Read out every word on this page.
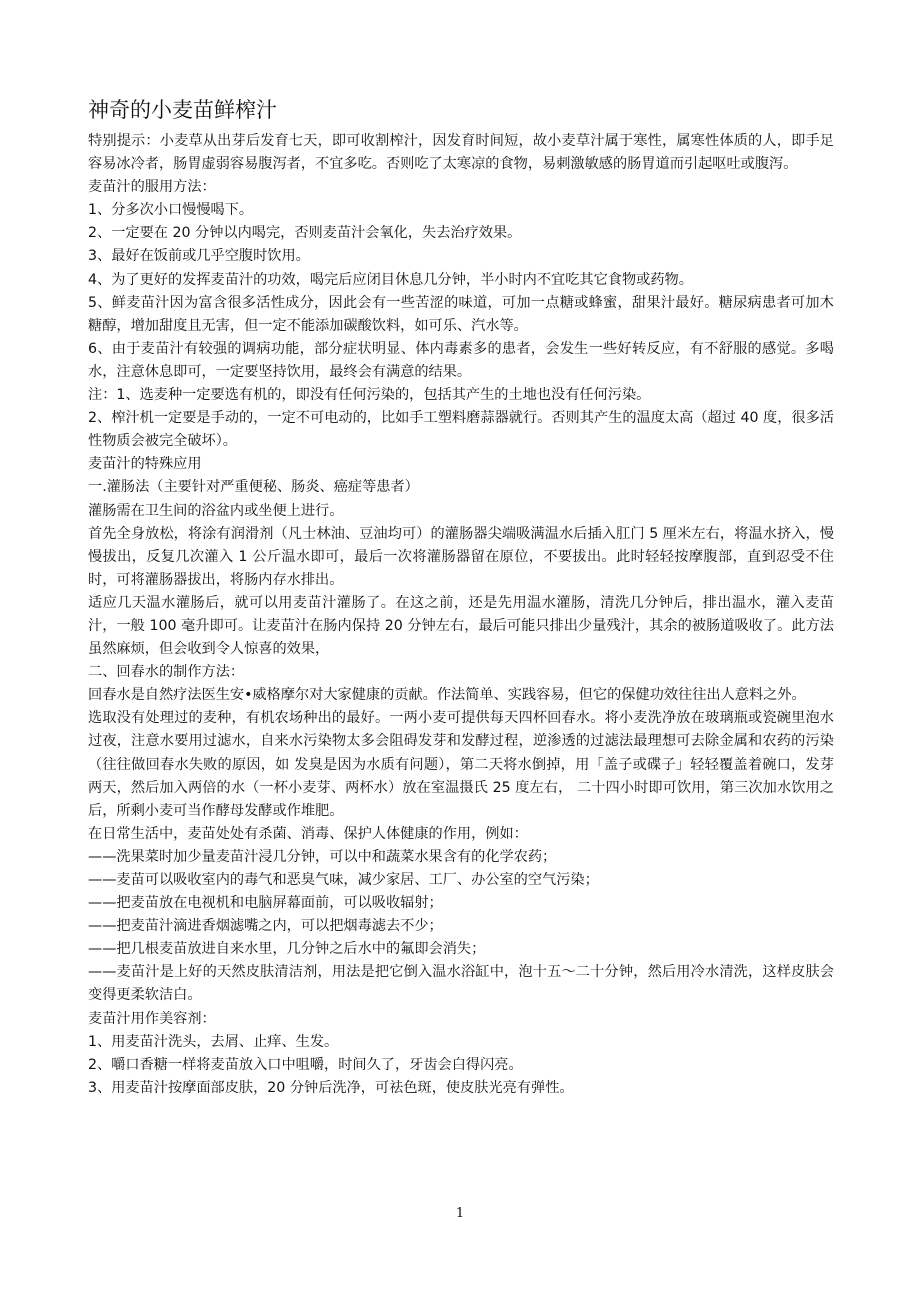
神奇的小麦苗鲜榨汁

特别提示：小麦草从出芽后发育七天，即可收割榨汁，因发育时间短，故小麦草汁属于寒性，属寒性体质的人，即手足容易冰冷者，肠胃虚弱容易腹泻者，不宜多吃。否则吃了太寒凉的食物，易刺激敏感的肠胃道而引起呕吐或腹泻。

麦苗汁的服用方法：

1、分多次小口慢慢喝下。

2、一定要在 20 分钟以内喝完，否则麦苗汁会氧化，失去治疗效果。

3、最好在饭前或几乎空腹时饮用。

4、为了更好的发挥麦苗汁的功效，喝完后应闭目休息几分钟，半小时内不宜吃其它食物或药物。

5、鲜麦苗汁因为富含很多活性成分，因此会有一些苦涩的味道，可加一点糖或蜂蜜，甜果汁最好。糖尿病患者可加木糖醇，增加甜度且无害，但一定不能添加碳酸饮料，如可乐、汽水等。

6、由于麦苗汁有较强的调病功能，部分症状明显、体内毒素多的患者，会发生一些好转反应，有不舒服的感觉。多喝水，注意休息即可，一定要坚持饮用，最终会有满意的结果。

注：1、选麦种一定要选有机的，即没有任何污染的，包括其产生的土地也没有任何污染。

2、榨汁机一定要是手动的，一定不可电动的，比如手工塑料磨蒜器就行。否则其产生的温度太高（超过 40 度，很多活性物质会被完全破坏）。

麦苗汁的特殊应用

一.灌肠法（主要针对严重便秘、肠炎、癌症等患者）

灌肠需在卫生间的浴盆内或坐便上进行。

首先全身放松，将涂有润滑剂（凡士林油、豆油均可）的灌肠器尖端吸满温水后插入肛门 5 厘米左右，将温水挤入，慢慢拔出，反复几次灌入 1 公斤温水即可，最后一次将灌肠器留在原位，不要拔出。此时轻轻按摩腹部，直到忍受不住时，可将灌肠器拔出，将肠内存水排出。

适应几天温水灌肠后，就可以用麦苗汁灌肠了。在这之前，还是先用温水灌肠，清洗几分钟后，排出温水，灌入麦苗汁，一般 100 毫升即可。让麦苗汁在肠内保持 20 分钟左右，最后可能只排出少量残汁，其余的被肠道吸收了。此方法虽然麻烦，但会收到令人惊喜的效果，

二、回春水的制作方法：

回春水是自然疗法医生安•威格摩尔对大家健康的贡献。作法简单、实践容易，但它的保健功效往往出人意料之外。

选取没有处理过的麦种，有机农场种出的最好。一两小麦可提供每天四杯回春水。将小麦洗净放在玻璃瓶或瓷碗里泡水过夜，注意水要用过滤水，自来水污染物太多会阻碍发芽和发酵过程，逆渗透的过滤法最理想可去除金属和农药的污染（往往做回春水失败的原因，如 发臭是因为水质有问题），第二天将水倒掉，用「盖子或碟子」轻轻覆盖着碗口，发芽两天，然后加入两倍的水（一杯小麦芽、两杯水）放在室温摄氏 25 度左右， 二十四小时即可饮用，第三次加水饮用之后，所剩小麦可当作酵母发酵或作堆肥。

在日常生活中，麦苗处处有杀菌、消毒、保护人体健康的作用，例如：

——洗果菜时加少量麦苗汁浸几分钟，可以中和蔬菜水果含有的化学农药；

——麦苗可以吸收室内的毒气和恶臭气味，减少家居、工厂、办公室的空气污染；

——把麦苗放在电视机和电脑屏幕面前，可以吸收辐射；

——把麦苗汁滴进香烟滤嘴之内，可以把烟毒滤去不少；

——把几根麦苗放进自来水里，几分钟之后水中的氟即会消失；

——麦苗汁是上好的天然皮肤清洁剂，用法是把它倒入温水浴缸中，泡十五～二十分钟，然后用冷水清洗，这样皮肤会变得更柔软洁白。

麦苗汁用作美容剂：

1、用麦苗汁洗头，去屑、止痒、生发。

2、嚼口香糖一样将麦苗放入口中咀嚼，时间久了，牙齿会白得闪亮。

3、用麦苗汁按摩面部皮肤，20 分钟后洗净，可祛色斑，使皮肤光亮有弹性。

1
